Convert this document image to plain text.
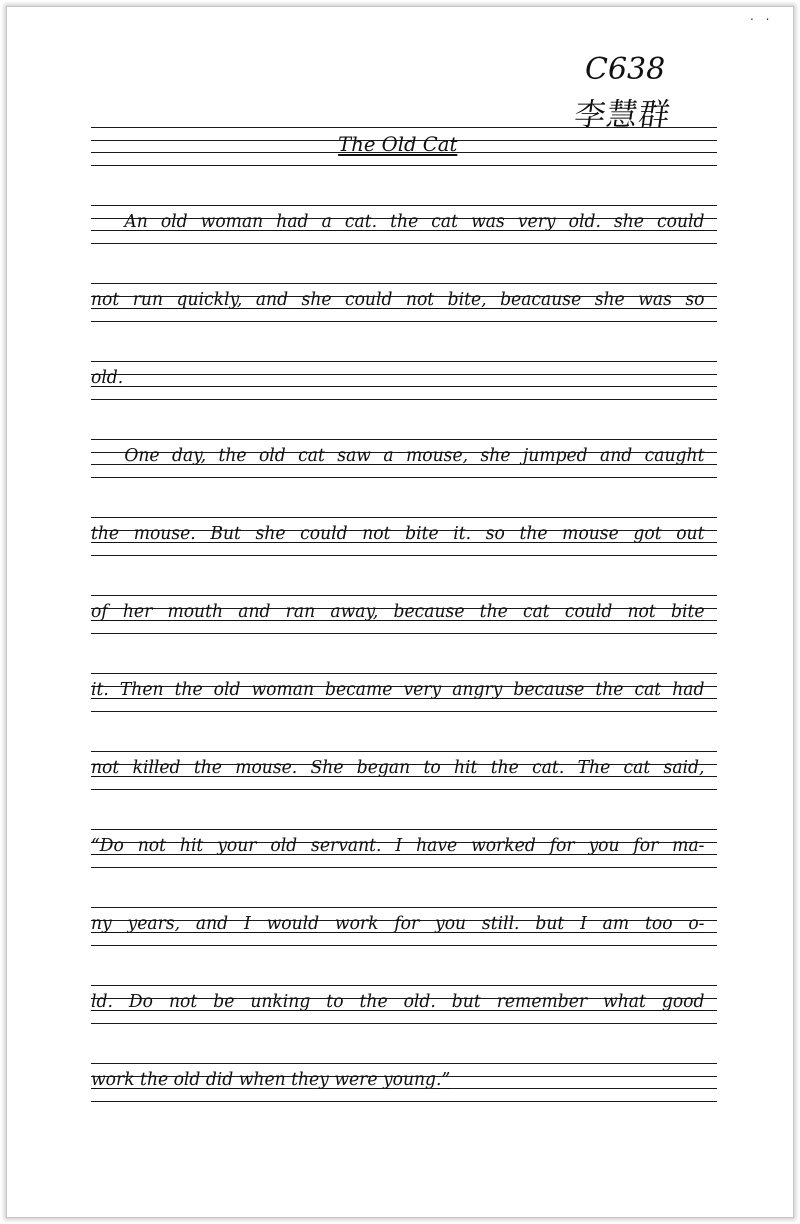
. .
C638
李慧群
The Old Cat
An old woman had a cat. the cat was very old. she could
not run quickly, and she could not bite, beacause she was so
old.
One day, the old cat saw a mouse, she jumped and caught
the mouse. But she could not bite it. so the mouse got out
of her mouth and ran away, because the cat could not bite
it. Then the old woman became very angry because the cat had
not killed the mouse. She began to hit the cat. The cat said,
“Do not hit your old servant. I have worked for you for ma-
ny years, and I would work for you still. but I am too o-
ld. Do not be unking to the old. but remember what good
work the old did when they were young.”
